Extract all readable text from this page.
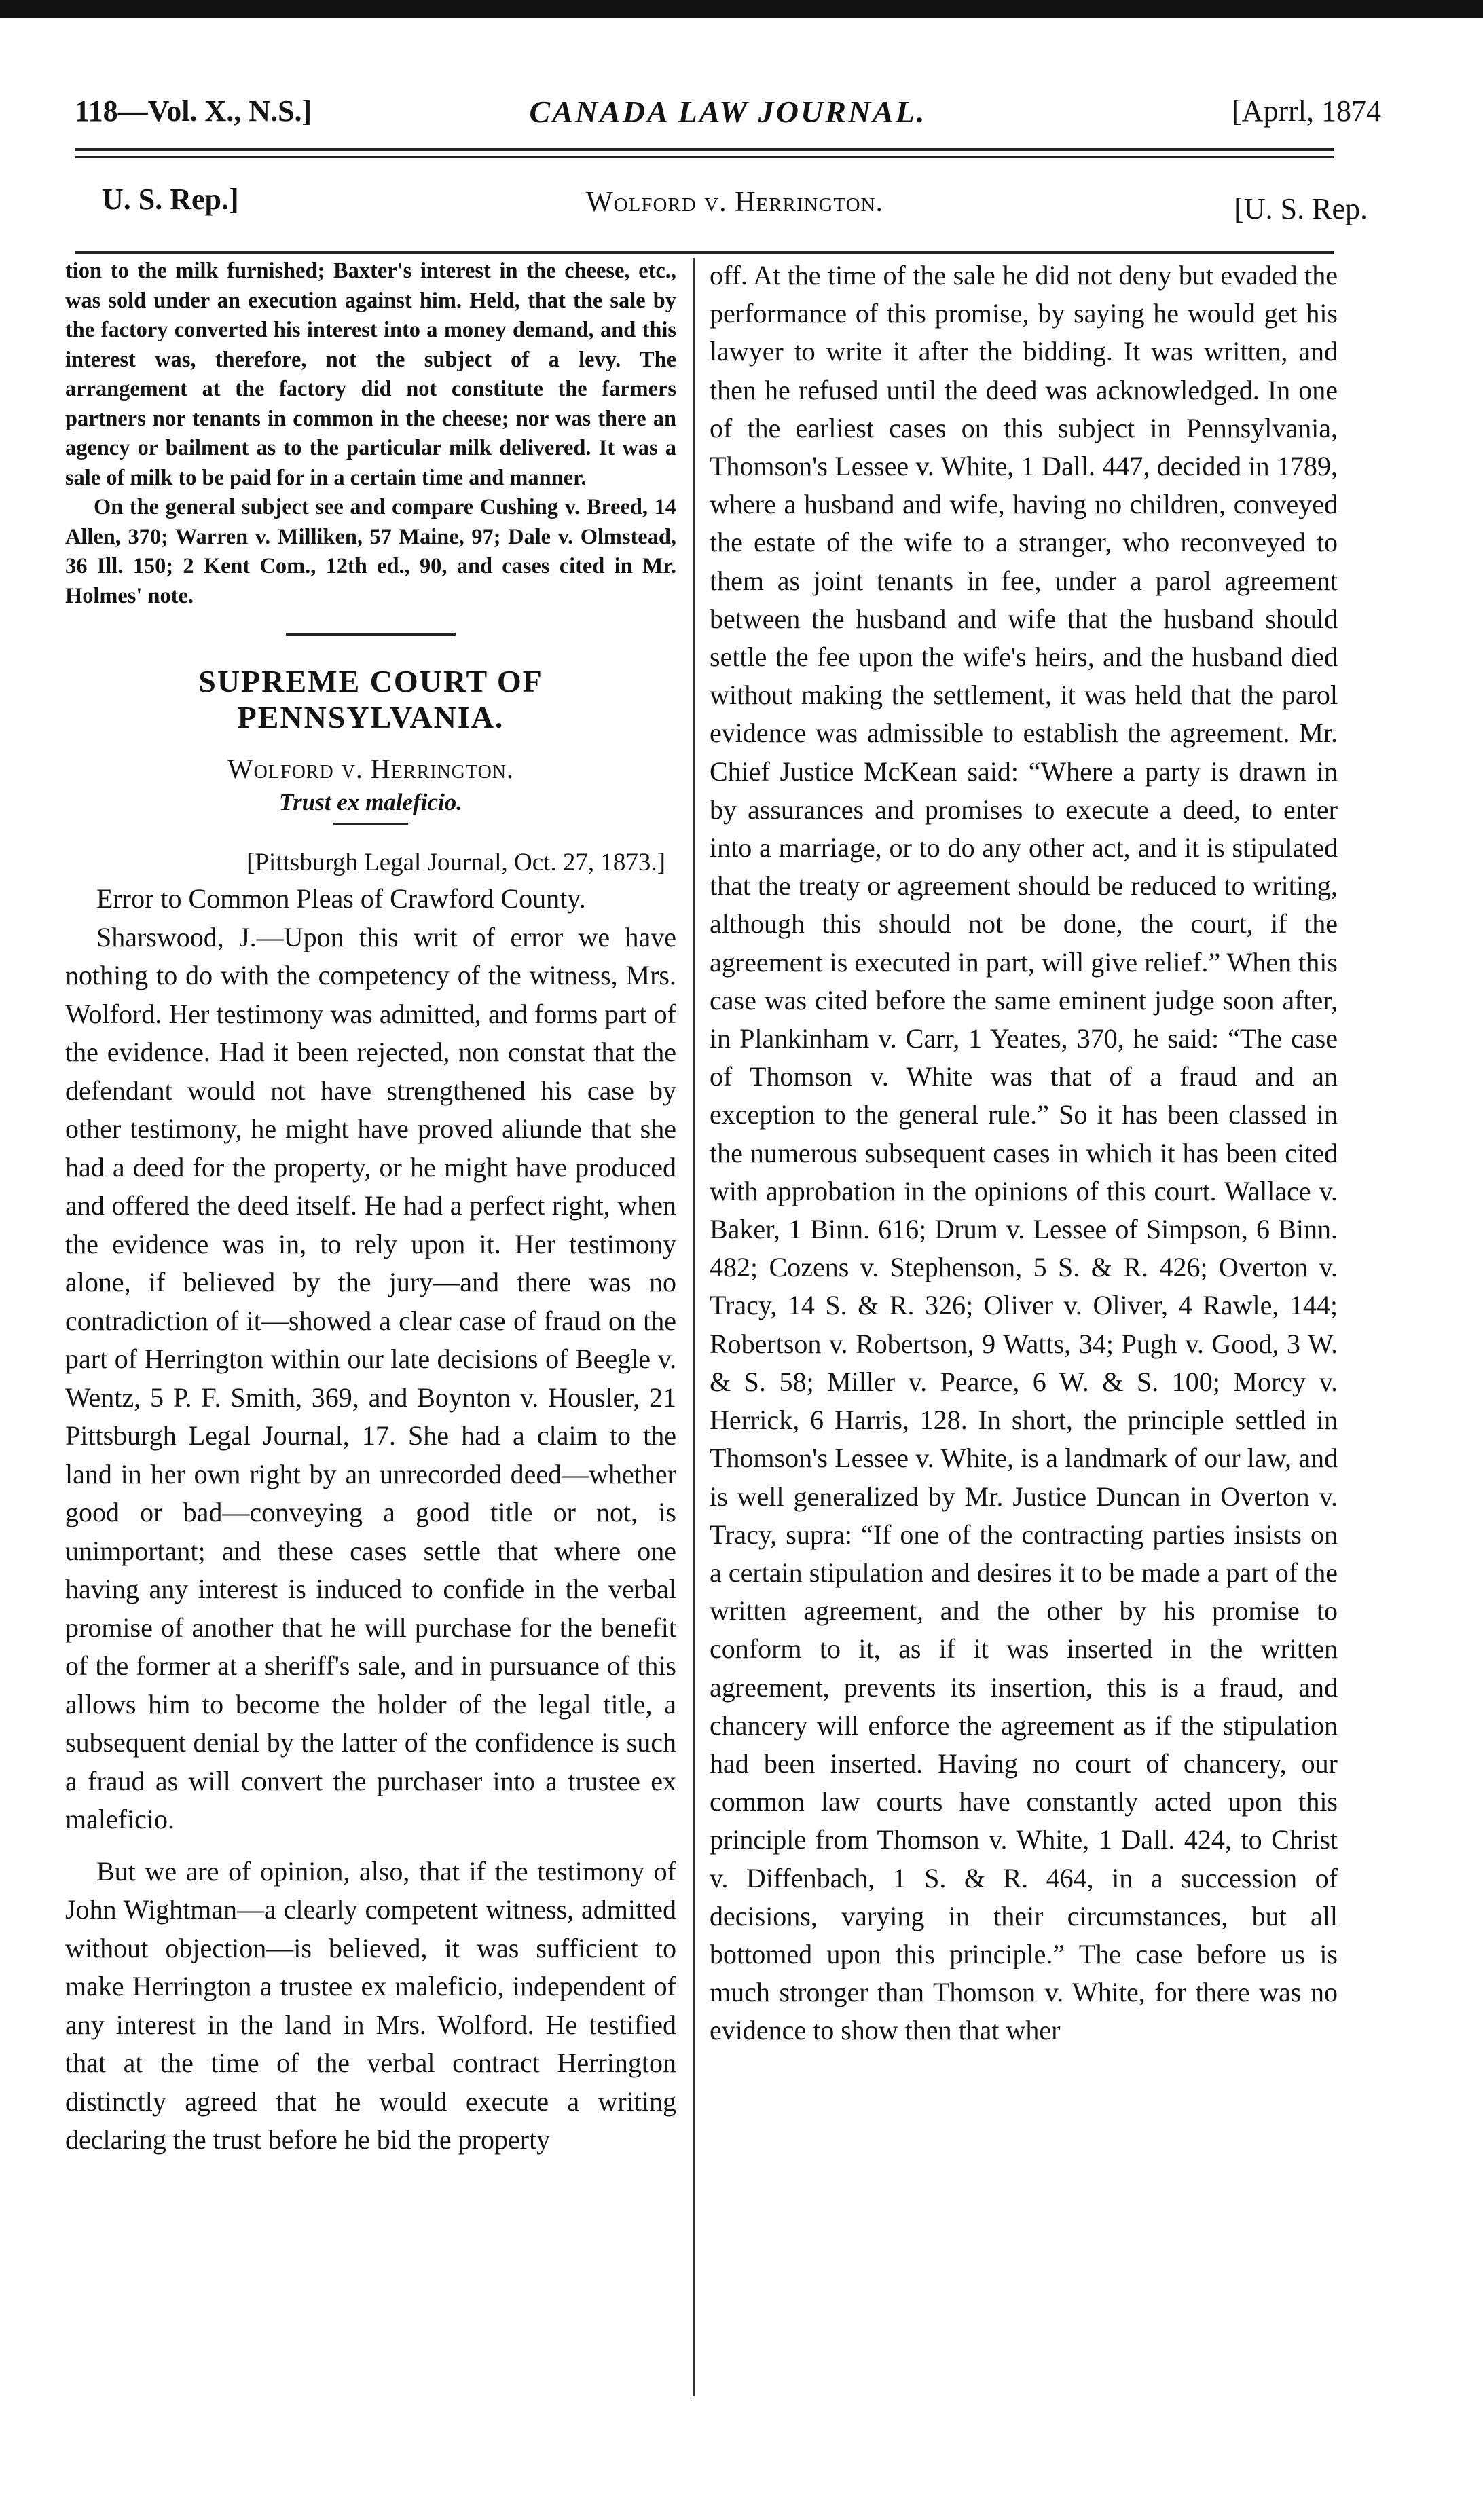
118—Vol. X., N.S.]	CANADA LAW JOURNAL.	[Aprrl, 1874
U. S. Rep.]	Wolford v. Herrington.	[U. S. Rep.

tion to the milk furnished; Baxter's interest in the cheese, etc., was sold under an execution against him. Held, that the sale by the factory converted his interest into a money demand, and this interest was, therefore, not the subject of a levy. The arrangement at the factory did not constitute the farmers partners nor tenants in common in the cheese; nor was there an agency or bailment as to the particular milk delivered. It was a sale of milk to be paid for in a certain time and manner.

On the general subject see and compare Cushing v. Breed, 14 Allen, 370; Warren v. Milliken, 57 Maine, 97; Dale v. Olmstead, 36 Ill. 150; 2 Kent Com., 12th ed., 90, and cases cited in Mr. Holmes' note.

SUPREME COURT OF PENNSYLVANIA.
Wolford v. Herrington.
Trust ex maleficio.
[Pittsburgh Legal Journal, Oct. 27, 1873.]

Error to Common Pleas of Crawford County.

Sharswood, J.—Upon this writ of error we have nothing to do with the competency of the witness, Mrs. Wolford. Her testimony was admitted, and forms part of the evidence. Had it been rejected, non constat that the defendant would not have strengthened his case by other testimony, he might have proved aliunde that she had a deed for the property, or he might have produced and offered the deed itself. He had a perfect right, when the evidence was in, to rely upon it. Her testimony alone, if believed by the jury—and there was no contradiction of it—showed a clear case of fraud on the part of Herrington within our late decisions of Beegle v. Wentz, 5 P. F. Smith, 369, and Boynton v. Housler, 21 Pittsburgh Legal Journal, 17. She had a claim to the land in her own right by an unrecorded deed—whether good or bad—conveying a good title or not, is unimportant; and these cases settle that where one having any interest is induced to confide in the verbal promise of another that he will purchase for the benefit of the former at a sheriff's sale, and in pursuance of this allows him to become the holder of the legal title, a subsequent denial by the latter of the confidence is such a fraud as will convert the purchaser into a trustee ex maleficio.

But we are of opinion, also, that if the testimony of John Wightman—a clearly competent witness, admitted without objection—is believed, it was sufficient to make Herrington a trustee ex maleficio, independent of any interest in the land in Mrs. Wolford. He testified that at the time of the verbal contract Herrington distinctly agreed that he would execute a writing declaring the trust before he bid the property

off. At the time of the sale he did not deny but evaded the performance of this promise, by saying he would get his lawyer to write it after the bidding. It was written, and then he refused until the deed was acknowledged. In one of the earliest cases on this subject in Pennsylvania, Thomson's Lessee v. White, 1 Dall. 447, decided in 1789, where a husband and wife, having no children, conveyed the estate of the wife to a stranger, who reconveyed to them as joint tenants in fee, under a parol agreement between the husband and wife that the husband should settle the fee upon the wife's heirs, and the husband died without making the settlement, it was held that the parol evidence was admissible to establish the agreement. Mr. Chief Justice McKean said: “Where a party is drawn in by assurances and promises to execute a deed, to enter into a marriage, or to do any other act, and it is stipulated that the treaty or agreement should be reduced to writing, although this should not be done, the court, if the agreement is executed in part, will give relief.” When this case was cited before the same eminent judge soon after, in Plankinham v. Carr, 1 Yeates, 370, he said: “The case of Thomson v. White was that of a fraud and an exception to the general rule.” So it has been classed in the numerous subsequent cases in which it has been cited with approbation in the opinions of this court. Wallace v. Baker, 1 Binn. 616; Drum v. Lessee of Simpson, 6 Binn. 482; Cozens v. Stephenson, 5 S. & R. 426; Overton v. Tracy, 14 S. & R. 326; Oliver v. Oliver, 4 Rawle, 144; Robertson v. Robertson, 9 Watts, 34; Pugh v. Good, 3 W. & S. 58; Miller v. Pearce, 6 W. & S. 100; Morcy v. Herrick, 6 Harris, 128. In short, the principle settled in Thomson's Lessee v. White, is a landmark of our law, and is well generalized by Mr. Justice Duncan in Overton v. Tracy, supra: “If one of the contracting parties insists on a certain stipulation and desires it to be made a part of the written agreement, and the other by his promise to conform to it, as if it was inserted in the written agreement, prevents its insertion, this is a fraud, and chancery will enforce the agreement as if the stipulation had been inserted. Having no court of chancery, our common law courts have constantly acted upon this principle from Thomson v. White, 1 Dall. 424, to Christ v. Diffenbach, 1 S. & R. 464, in a succession of decisions, varying in their circumstances, but all bottomed upon this principle.” The case before us is much stronger than Thomson v. White, for there was no evidence to show then that wher
